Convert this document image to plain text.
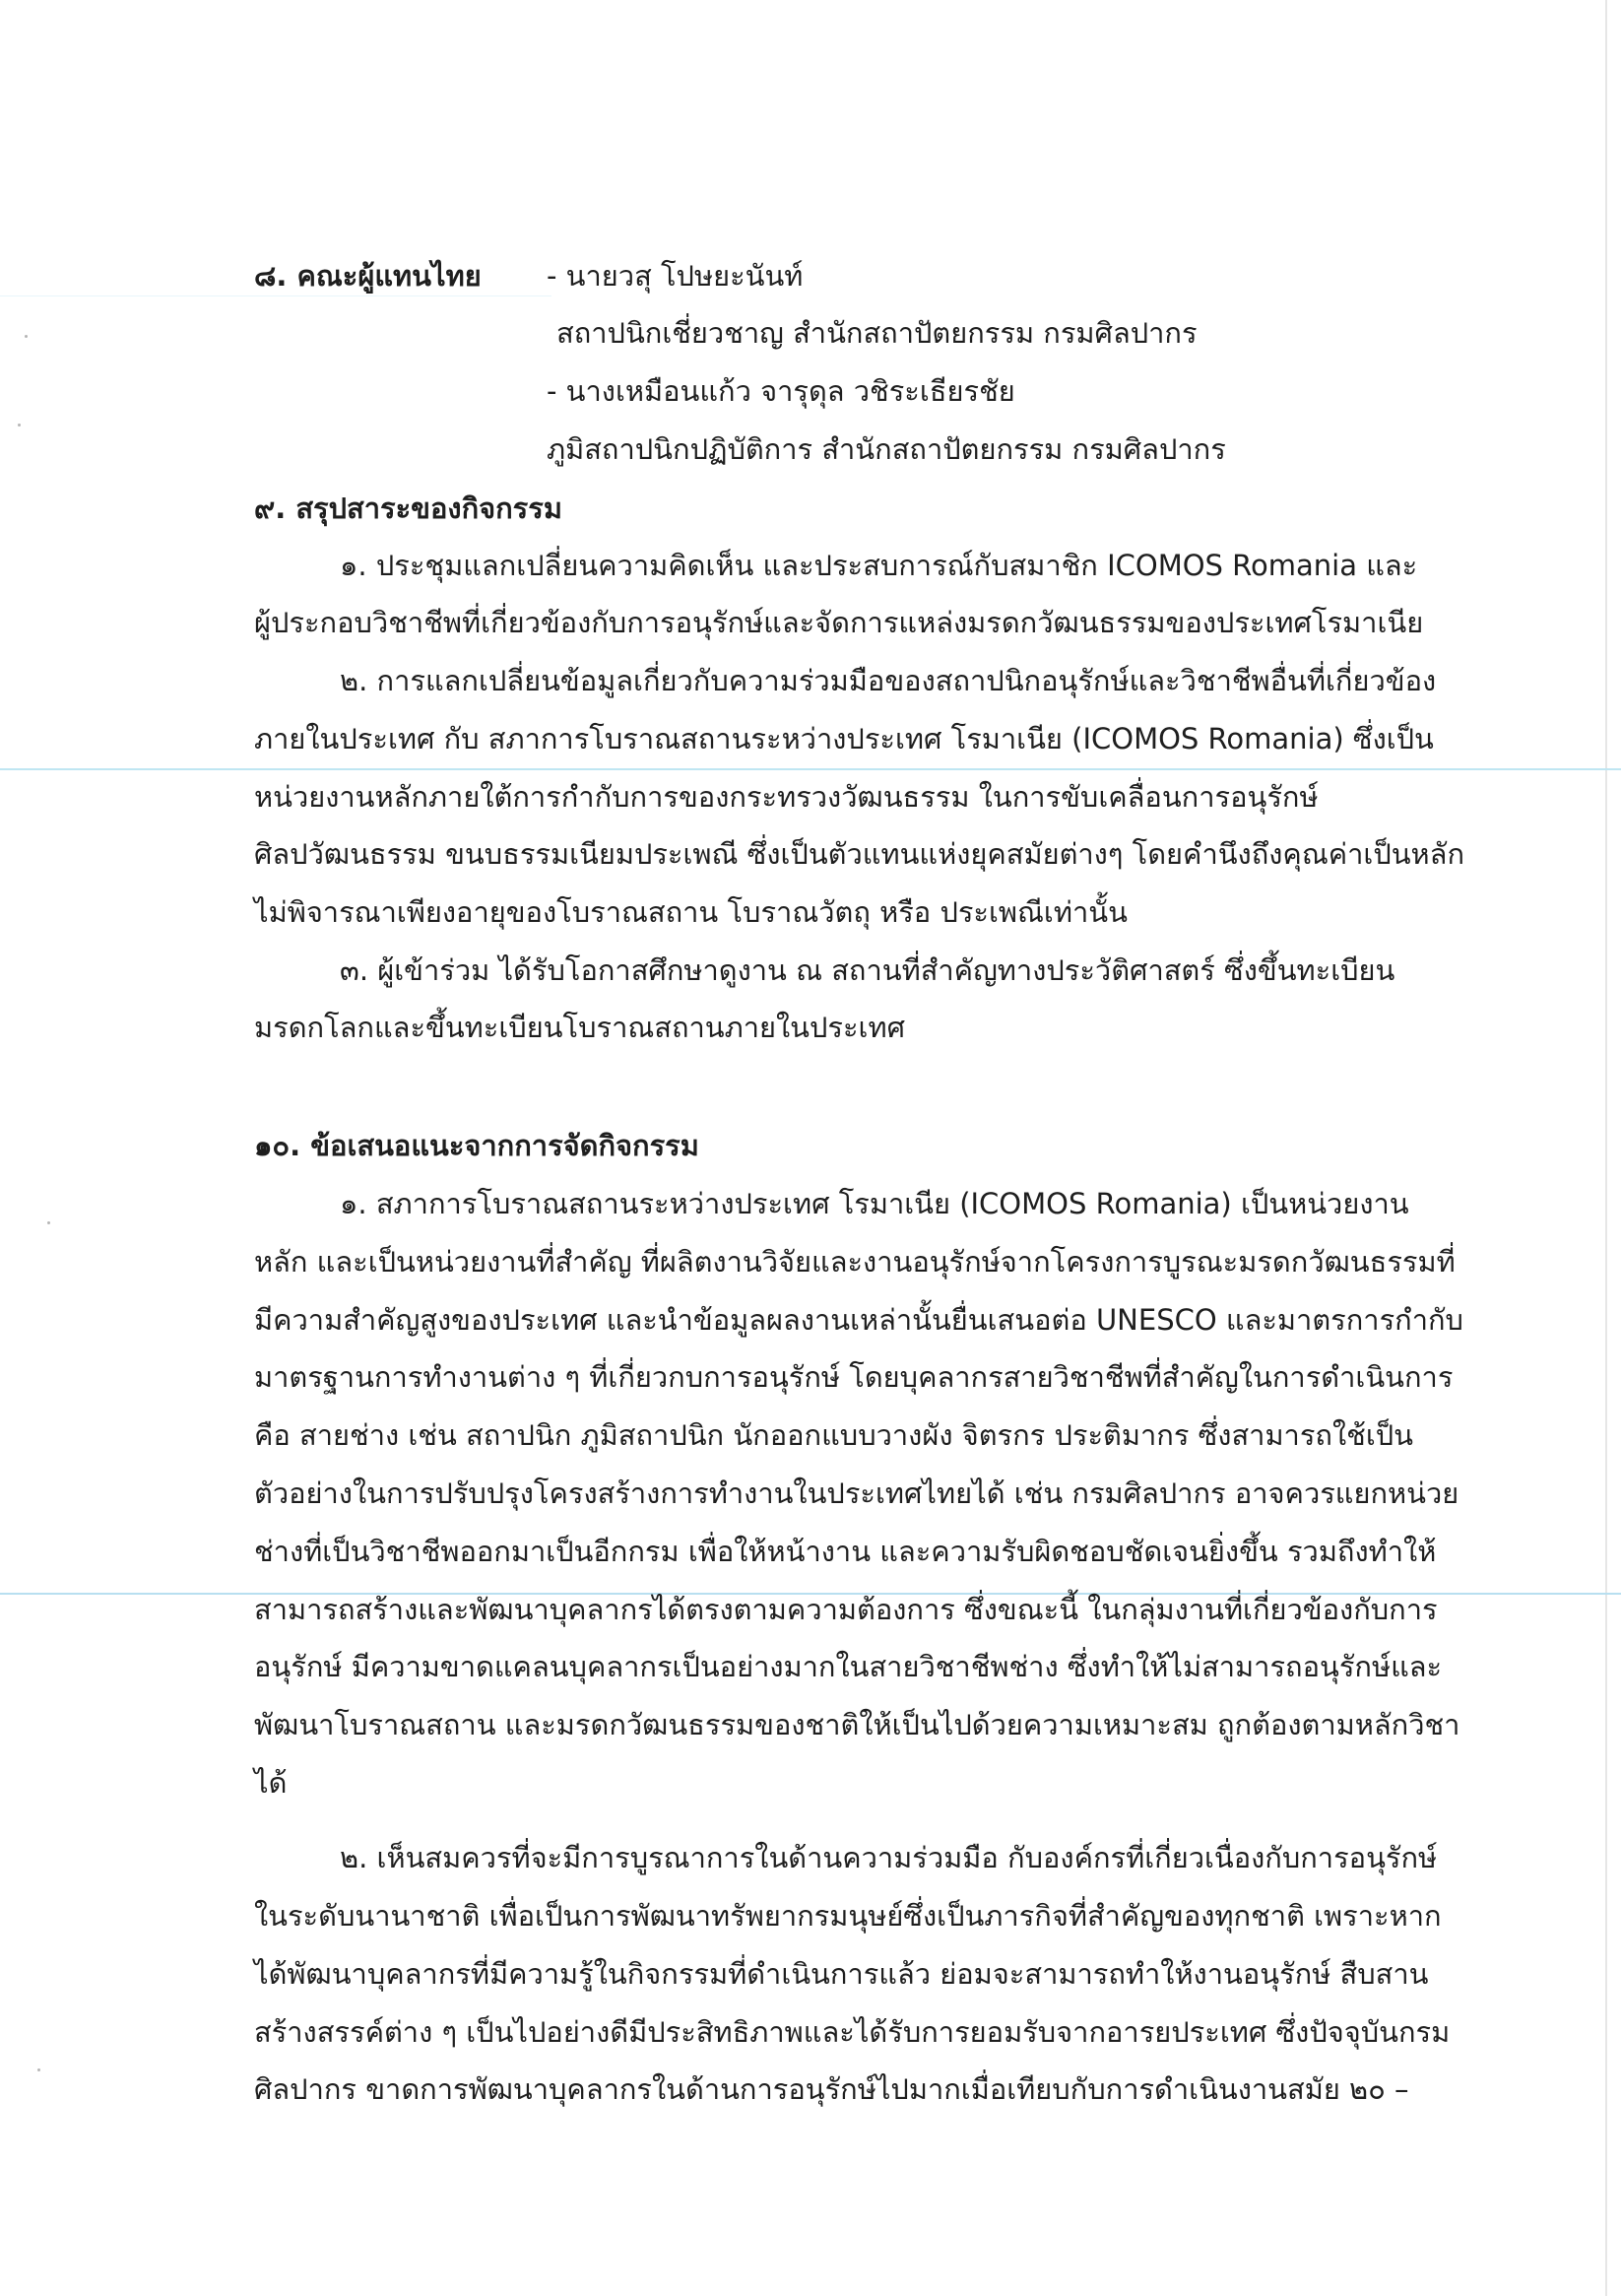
๘. คณะผู้แทนไทย - นายวสุ โปษยะนันท์
สถาปนิกเชี่ยวชาญ สำนักสถาปัตยกรรม กรมศิลปากร
- นางเหมือนแก้ว จารุดุล วชิระเธียรชัย
ภูมิสถาปนิกปฏิบัติการ สำนักสถาปัตยกรรม กรมศิลปากร
๙. สรุปสาระของกิจกรรม
๑. ประชุมแลกเปลี่ยนความคิดเห็น และประสบการณ์กับสมาชิก ICOMOS Romania และ
ผู้ประกอบวิชาชีพที่เกี่ยวข้องกับการอนุรักษ์และจัดการแหล่งมรดกวัฒนธรรมของประเทศโรมาเนีย
๒. การแลกเปลี่ยนข้อมูลเกี่ยวกับความร่วมมือของสถาปนิกอนุรักษ์และวิชาชีพอื่นที่เกี่ยวข้อง
ภายในประเทศ กับ สภาการโบราณสถานระหว่างประเทศ โรมาเนีย (ICOMOS Romania) ซึ่งเป็น
หน่วยงานหลักภายใต้การกำกับการของกระทรวงวัฒนธรรม ในการขับเคลื่อนการอนุรักษ์
ศิลปวัฒนธรรม ขนบธรรมเนียมประเพณี ซึ่งเป็นตัวแทนแห่งยุคสมัยต่างๆ โดยคำนึงถึงคุณค่าเป็นหลัก
ไม่พิจารณาเพียงอายุของโบราณสถาน โบราณวัตถุ หรือ ประเพณีเท่านั้น
๓. ผู้เข้าร่วม ได้รับโอกาสศึกษาดูงาน ณ สถานที่สำคัญทางประวัติศาสตร์ ซึ่งขึ้นทะเบียน
มรดกโลกและขึ้นทะเบียนโบราณสถานภายในประเทศ
๑๐. ข้อเสนอแนะจากการจัดกิจกรรม
๑. สภาการโบราณสถานระหว่างประเทศ โรมาเนีย (ICOMOS Romania) เป็นหน่วยงาน
หลัก และเป็นหน่วยงานที่สำคัญ ที่ผลิตงานวิจัยและงานอนุรักษ์จากโครงการบูรณะมรดกวัฒนธรรมที่
มีความสำคัญสูงของประเทศ และนำข้อมูลผลงานเหล่านั้นยื่นเสนอต่อ UNESCO และมาตรการกำกับ
มาตรฐานการทำงานต่าง ๆ ที่เกี่ยวกบการอนุรักษ์ โดยบุคลากรสายวิชาชีพที่สำคัญในการดำเนินการ
คือ สายช่าง เช่น สถาปนิก ภูมิสถาปนิก นักออกแบบวางผัง จิตรกร ประติมากร ซึ่งสามารถใช้เป็น
ตัวอย่างในการปรับปรุงโครงสร้างการทำงานในประเทศไทยได้ เช่น กรมศิลปากร อาจควรแยกหน่วย
ช่างที่เป็นวิชาชีพออกมาเป็นอีกกรม เพื่อให้หน้างาน และความรับผิดชอบชัดเจนยิ่งขึ้น รวมถึงทำให้
สามารถสร้างและพัฒนาบุคลากรได้ตรงตามความต้องการ ซึ่งขณะนี้ ในกลุ่มงานที่เกี่ยวข้องกับการ
อนุรักษ์ มีความขาดแคลนบุคลากรเป็นอย่างมากในสายวิชาชีพช่าง ซึ่งทำให้ไม่สามารถอนุรักษ์และ
พัฒนาโบราณสถาน และมรดกวัฒนธรรมของชาติให้เป็นไปด้วยความเหมาะสม ถูกต้องตามหลักวิชา
ได้
๒. เห็นสมควรที่จะมีการบูรณาการในด้านความร่วมมือ กับองค์กรที่เกี่ยวเนื่องกับการอนุรักษ์
ในระดับนานาชาติ เพื่อเป็นการพัฒนาทรัพยากรมนุษย์ซึ่งเป็นภารกิจที่สำคัญของทุกชาติ เพราะหาก
ได้พัฒนาบุคลากรที่มีความรู้ในกิจกรรมที่ดำเนินการแล้ว ย่อมจะสามารถทำให้งานอนุรักษ์ สืบสาน
สร้างสรรค์ต่าง ๆ เป็นไปอย่างดีมีประสิทธิภาพและได้รับการยอมรับจากอารยประเทศ ซึ่งปัจจุบันกรม
ศิลปากร ขาดการพัฒนาบุคลากรในด้านการอนุรักษ์ไปมากเมื่อเทียบกับการดำเนินงานสมัย ๒๐ –
